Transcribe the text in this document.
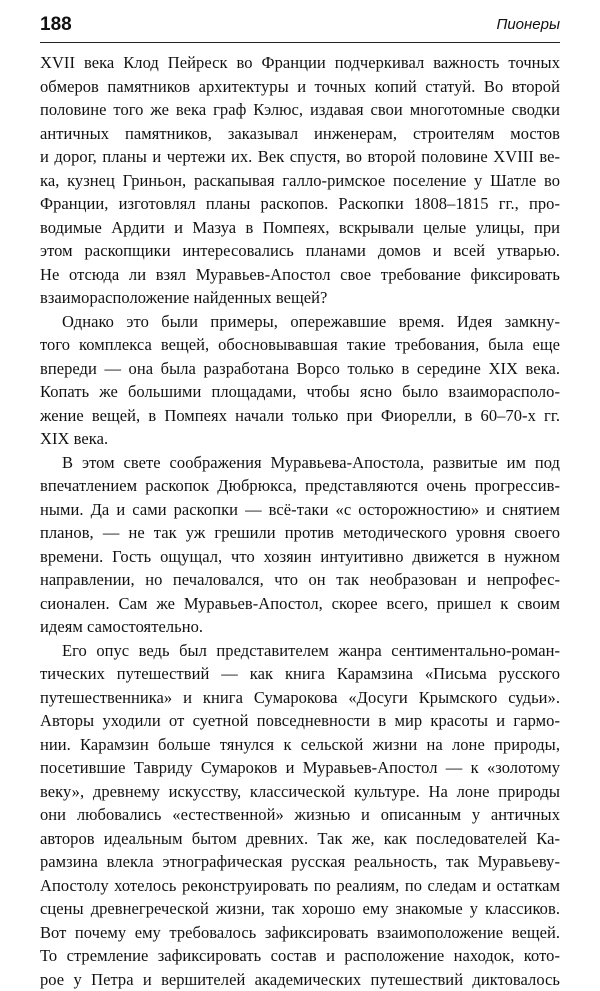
188	Пионеры
XVII века Клод Пейреск во Франции подчеркивал важность точных
обмеров памятников архитектуры и точных копий статуй. Во второй
половине того же века граф Кэлюс, издавая свои многотомные сводки
античных памятников, заказывал инженерам, строителям мостов
и дорог, планы и чертежи их. Век спустя, во второй половине XVIII ве-
ка, кузнец Гриньон, раскапывая галло-римское поселение у Шатле во
Франции, изготовлял планы раскопов. Раскопки 1808–1815 гг., про-
водимые Ардити и Мазуа в Помпеях, вскрывали целые улицы, при
этом раскопщики интересовались планами домов и всей утварью.
Не отсюда ли взял Муравьев-Апостол свое требование фиксировать
взаиморасположение найденных вещей?
Однако это были примеры, опережавшие время. Идея замкну-
того комплекса вещей, обосновывавшая такие требования, была еще
впереди — она была разработана Ворсо только в середине XIX века.
Копать же большими площадами, чтобы ясно было взаиморасполо-
жение вещей, в Помпеях начали только при Фиорелли, в 60–70-х гг.
XIX века.
В этом свете соображения Муравьева-Апостола, развитые им под
впечатлением раскопок Дюбрюкса, представляются очень прогрессив-
ными. Да и сами раскопки — всё-таки «с осторожностию» и снятием
планов, — не так уж грешили против методического уровня своего
времени. Гость ощущал, что хозяин интуитивно движется в нужном
направлении, но печаловался, что он так необразован и непрофес-
сионален. Сам же Муравьев-Апостол, скорее всего, пришел к своим
идеям самостоятельно.
Его опус ведь был представителем жанра сентиментально-роман-
тических путешествий — как книга Карамзина «Письма русского
путешественника» и книга Сумарокова «Досуги Крымского судьи».
Авторы уходили от суетной повседневности в мир красоты и гармо-
нии. Карамзин больше тянулся к сельской жизни на лоне природы,
посетившие Тавриду Сумароков и Муравьев-Апостол — к «золотому
веку», древнему искусству, классической культуре. На лоне природы
они любовались «естественной» жизнью и описанным у античных
авторов идеальным бытом древних. Так же, как последователей Ка-
рамзина влекла этнографическая русская реальность, так Муравьеву-
Апостолу хотелось реконструировать по реалиям, по следам и остаткам
сцены древнегреческой жизни, так хорошо ему знакомые у классиков.
Вот почему ему требовалось зафиксировать взаимоположение вещей.
То стремление зафиксировать состав и расположение находок, кото-
рое у Петра и вершителей академических путешествий диктовалось
